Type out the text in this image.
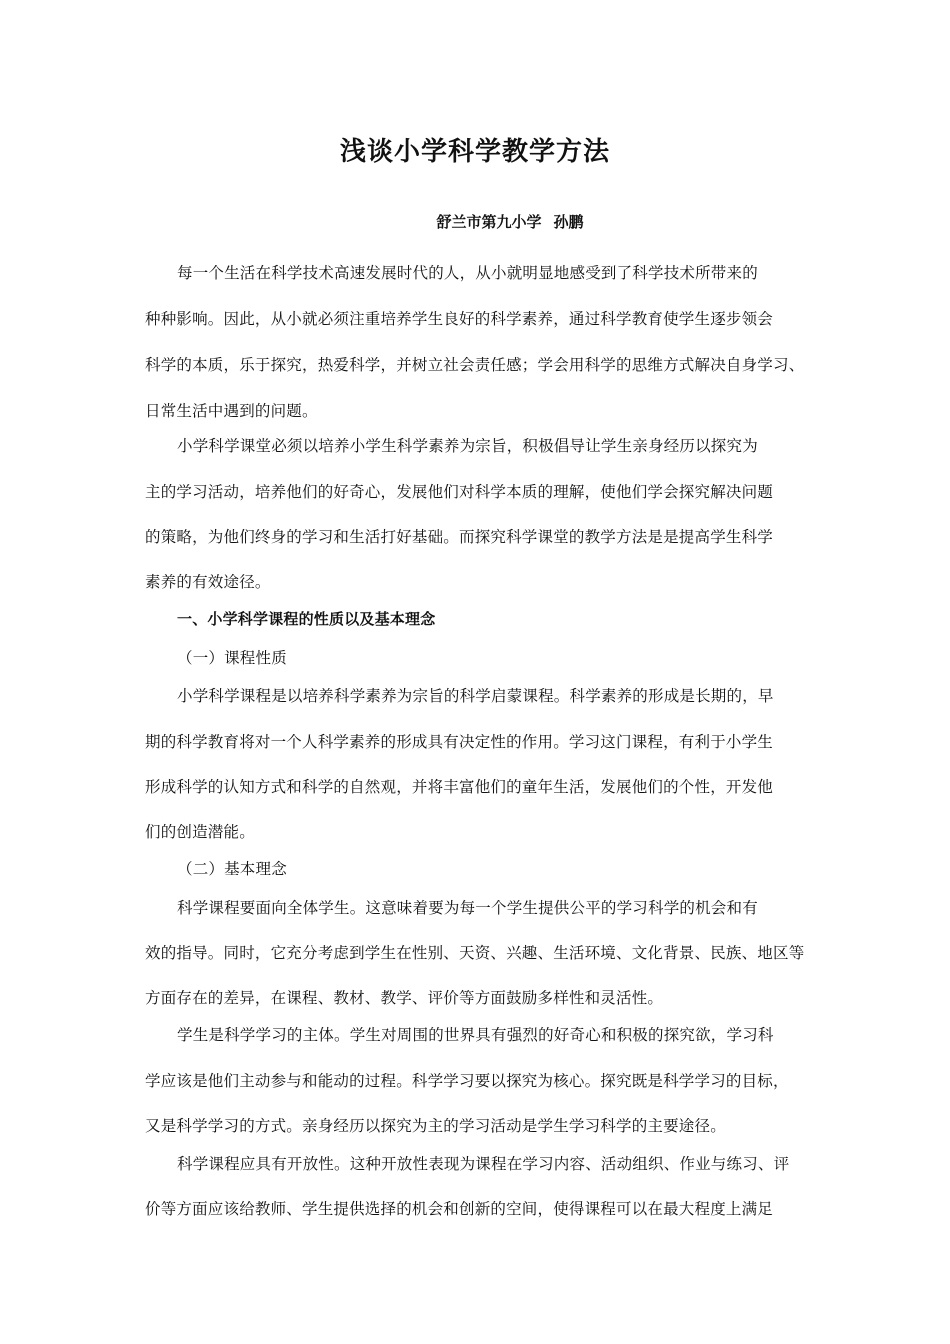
浅谈小学科学教学方法
舒兰市第九小学 孙鹏
每一个生活在科学技术高速发展时代的人，从小就明显地感受到了科学技术所带来的
种种影响。因此，从小就必须注重培养学生良好的科学素养，通过科学教育使学生逐步领会
科学的本质，乐于探究，热爱科学，并树立社会责任感；学会用科学的思维方式解决自身学习、
日常生活中遇到的问题。
小学科学课堂必须以培养小学生科学素养为宗旨，积极倡导让学生亲身经历以探究为
主的学习活动，培养他们的好奇心，发展他们对科学本质的理解，使他们学会探究解决问题
的策略，为他们终身的学习和生活打好基础。而探究科学课堂的教学方法是是提高学生科学
素养的有效途径。
一、小学科学课程的性质以及基本理念
（一）课程性质
小学科学课程是以培养科学素养为宗旨的科学启蒙课程。科学素养的形成是长期的，早
期的科学教育将对一个人科学素养的形成具有决定性的作用。学习这门课程，有利于小学生
形成科学的认知方式和科学的自然观，并将丰富他们的童年生活，发展他们的个性，开发他
们的创造潜能。
（二）基本理念
科学课程要面向全体学生。这意味着要为每一个学生提供公平的学习科学的机会和有
效的指导。同时，它充分考虑到学生在性别、天资、兴趣、生活环境、文化背景、民族、地区等
方面存在的差异，在课程、教材、教学、评价等方面鼓励多样性和灵活性。
学生是科学学习的主体。学生对周围的世界具有强烈的好奇心和积极的探究欲，学习科
学应该是他们主动参与和能动的过程。科学学习要以探究为核心。探究既是科学学习的目标，
又是科学学习的方式。亲身经历以探究为主的学习活动是学生学习科学的主要途径。
科学课程应具有开放性。这种开放性表现为课程在学习内容、活动组织、作业与练习、评
价等方面应该给教师、学生提供选择的机会和创新的空间，使得课程可以在最大程度上满足
